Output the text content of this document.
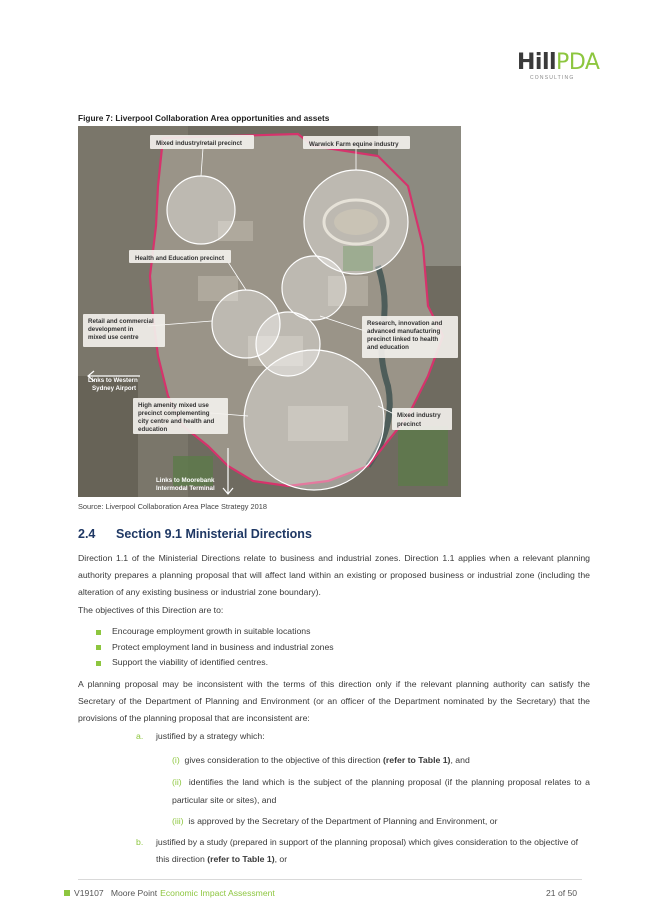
HillPDA
CONSULTING
Figure 7: Liverpool Collaboration Area opportunities and assets
Mixed industry/retail precinct	Warwick Farm equine industry
Health and Education precinct
Retail and commercial development in mixed use centre
Research, innovation and advanced manufacturing precinct linked to health and education
Links to Western Sydney Airport
High amenity mixed use precinct complementing city centre and health and education
Mixed industry precinct
Links to Moorebank Intermodal Terminal
Source: Liverpool Collaboration Area Place Strategy 2018
2.4 Section 9.1 Ministerial Directions
Direction 1.1 of the Ministerial Directions relate to business and industrial zones. Direction 1.1 applies when a relevant planning authority prepares a planning proposal that will affect land within an existing or proposed business or industrial zone (including the alteration of any existing business or industrial zone boundary).
The objectives of this Direction are to:
Encourage employment growth in suitable locations
Protect employment land in business and industrial zones
Support the viability of identified centres.
A planning proposal may be inconsistent with the terms of this direction only if the relevant planning authority can satisfy the Secretary of the Department of Planning and Environment (or an officer of the Department nominated by the Secretary) that the provisions of the planning proposal that are inconsistent are:
a. justified by a strategy which:
(i) gives consideration to the objective of this direction (refer to Table 1), and
(ii) identifies the land which is the subject of the planning proposal (if the planning proposal relates to a particular site or sites), and
(iii) is approved by the Secretary of the Department of Planning and Environment, or
b. justified by a study (prepared in support of the planning proposal) which gives consideration to the objective of this direction (refer to Table 1), or
V19107 Moore Point Economic Impact Assessment	21 of 50
